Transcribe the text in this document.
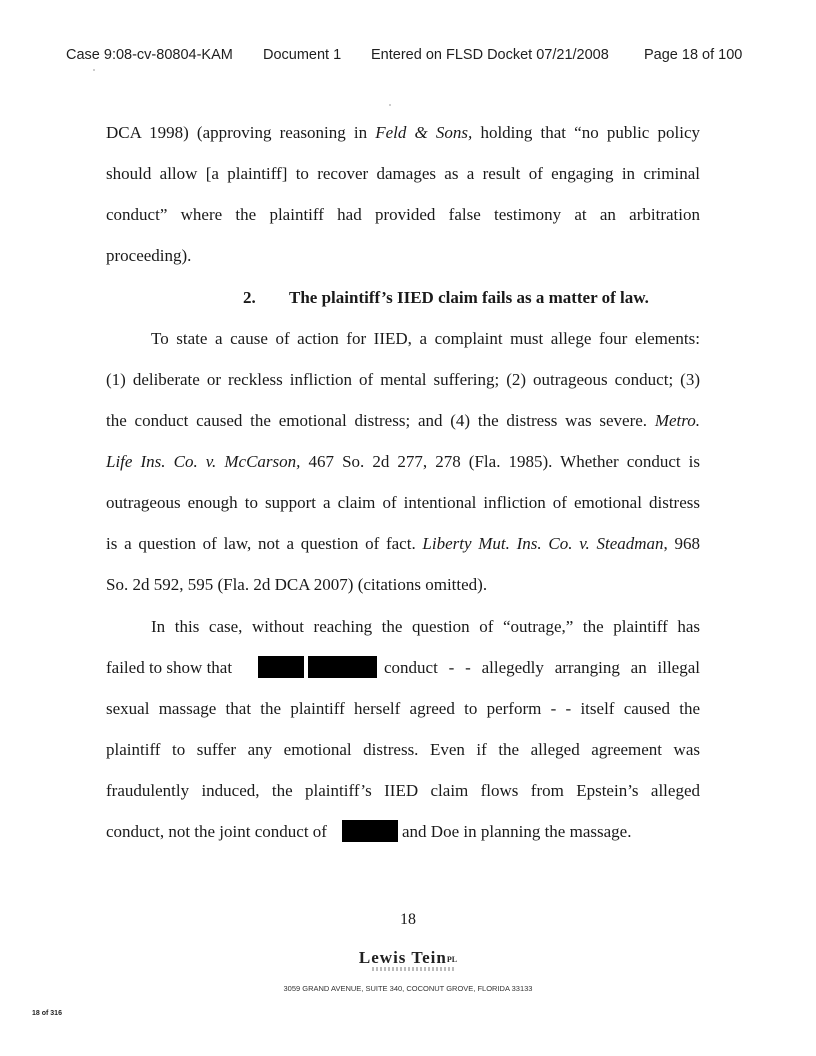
Case 9:08-cv-80804-KAM Document 1 Entered on FLSD Docket 07/21/2008 Page 18 of 100
DCA 1998) (approving reasoning in Feld & Sons, holding that “no public policy
should allow [a plaintiff] to recover damages as a result of engaging in criminal
conduct” where the plaintiff had provided false testimony at an arbitration
proceeding).
2. The plaintiff’s IIED claim fails as a matter of law.
To state a cause of action for IIED, a complaint must allege four elements:
(1) deliberate or reckless infliction of mental suffering; (2) outrageous conduct; (3)
the conduct caused the emotional distress; and (4) the distress was severe. Metro.
Life Ins. Co. v. McCarson, 467 So. 2d 277, 278 (Fla. 1985). Whether conduct is
outrageous enough to support a claim of intentional infliction of emotional distress
is a question of law, not a question of fact. Liberty Mut. Ins. Co. v. Steadman, 968
So. 2d 592, 595 (Fla. 2d DCA 2007) (citations omitted).
In this case, without reaching the question of “outrage,” the plaintiff has
failed to show that	conduct - - allegedly arranging an illegal
sexual massage that the plaintiff herself agreed to perform - - itself caused the
plaintiff to suffer any emotional distress. Even if the alleged agreement was
fraudulently induced, the plaintiff’s IIED claim flows from Epstein’s alleged
conduct, not the joint conduct of	and Doe in planning the massage.
18
Lewis TeinPL
3059 GRAND AVENUE, SUITE 340, COCONUT GROVE, FLORIDA 33133
18 of 316
